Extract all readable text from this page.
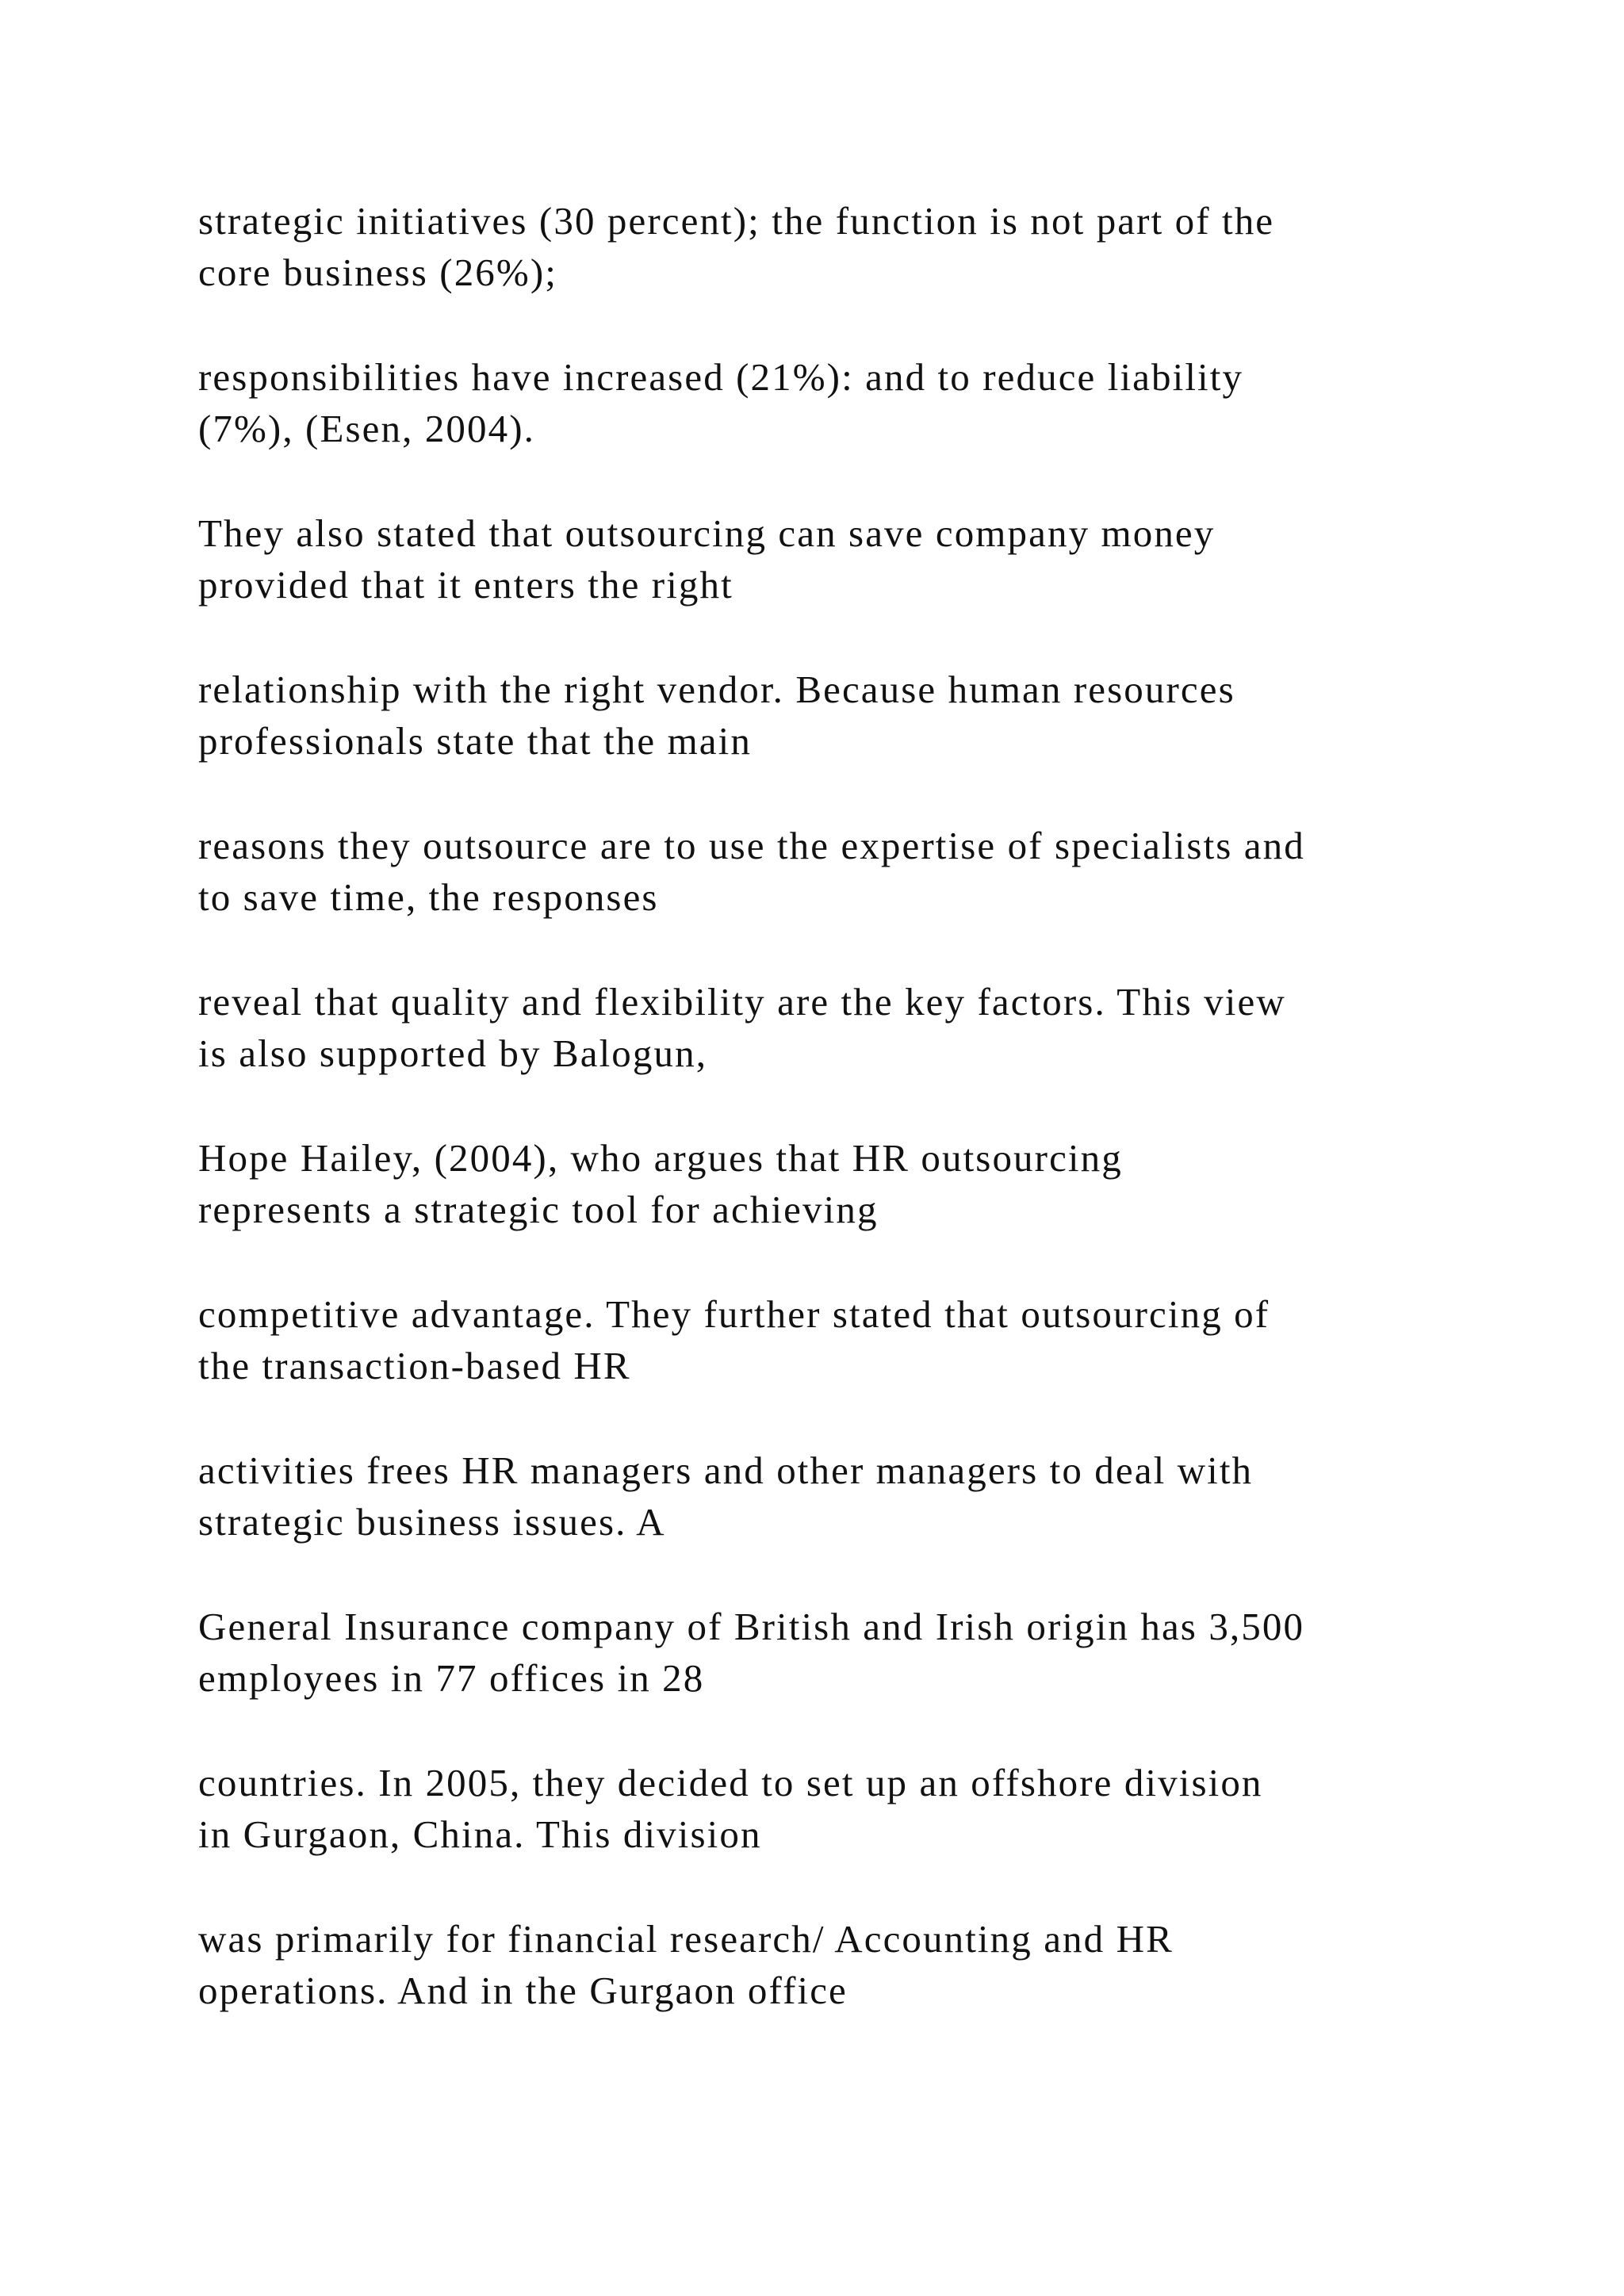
strategic initiatives (30 percent); the function is not part of the
core business (26%);

responsibilities have increased (21%): and to reduce liability
(7%), (Esen, 2004).

They also stated that outsourcing can save company money
provided that it enters the right

relationship with the right vendor. Because human resources
professionals state that the main

reasons they outsource are to use the expertise of specialists and
to save time, the responses

reveal that quality and flexibility are the key factors. This view
is also supported by Balogun,

Hope Hailey, (2004), who argues that HR outsourcing
represents a strategic tool for achieving

competitive advantage. They further stated that outsourcing of
the transaction-based HR

activities frees HR managers and other managers to deal with
strategic business issues. A

General Insurance company of British and Irish origin has 3,500
employees in 77 offices in 28

countries. In 2005, they decided to set up an offshore division
in Gurgaon, China. This division

was primarily for financial research/ Accounting and HR
operations. And in the Gurgaon office
